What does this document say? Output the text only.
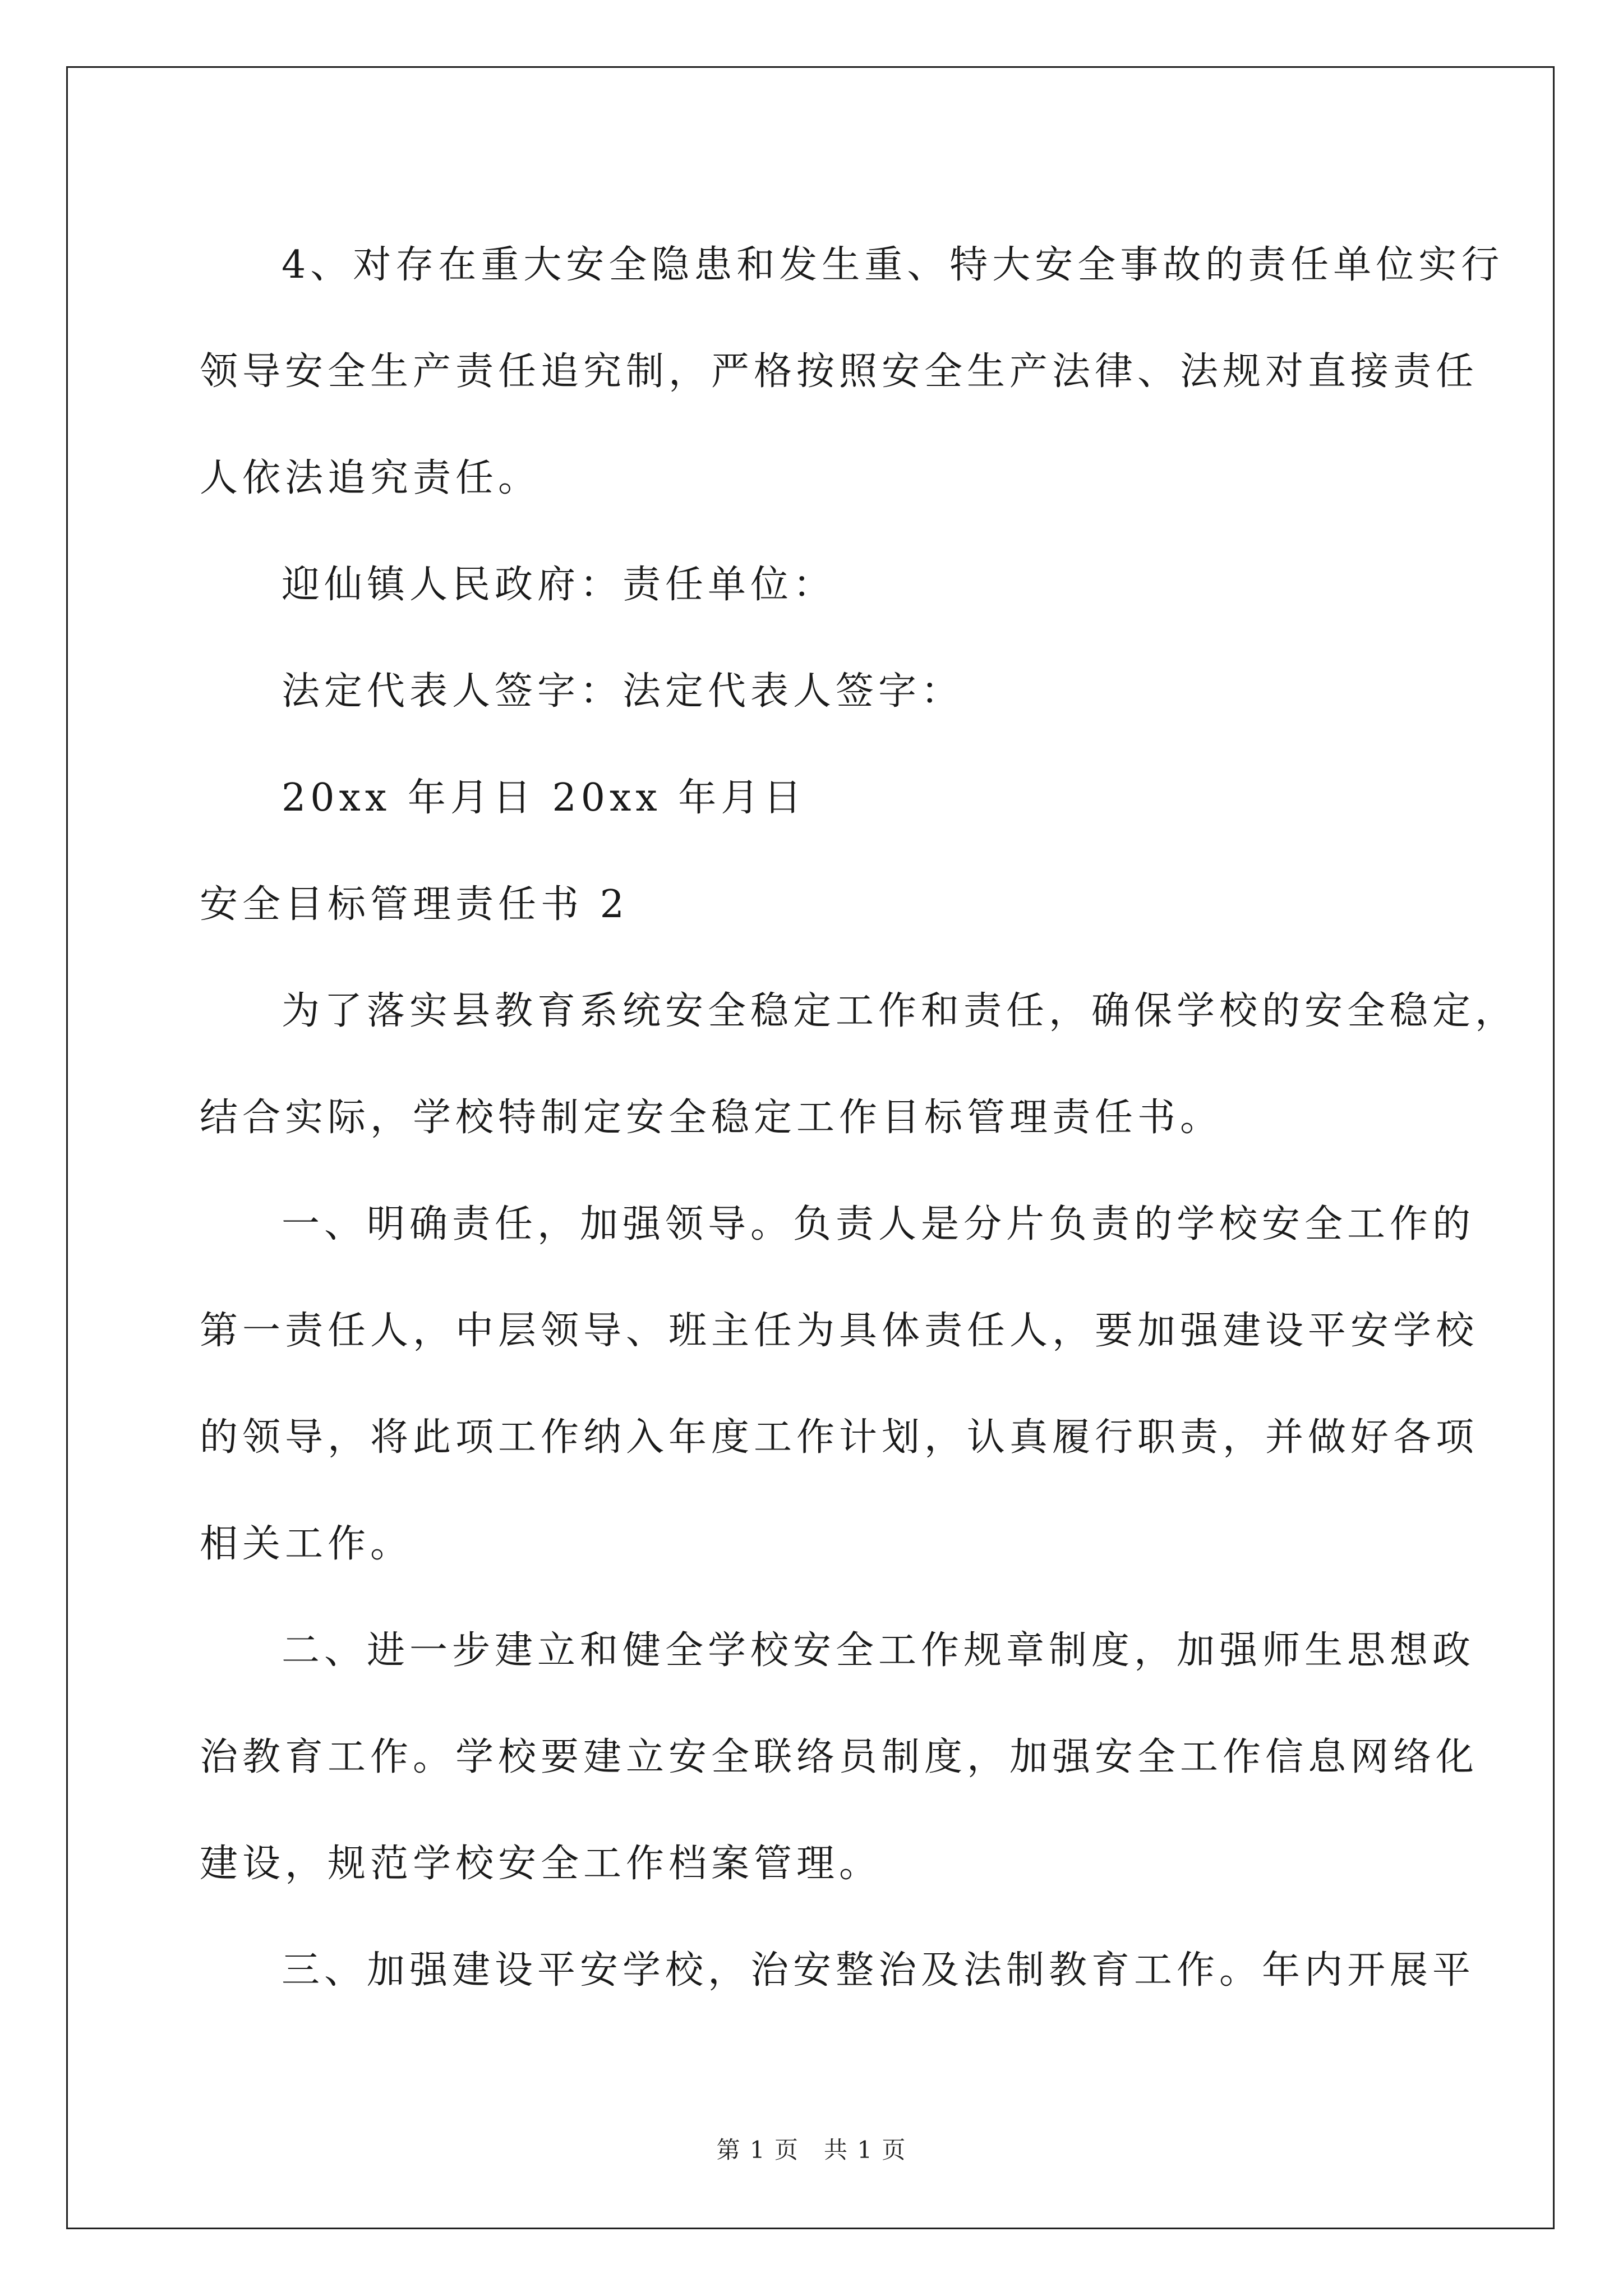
4、对存在重大安全隐患和发生重、特大安全事故的责任单位实行

领导安全生产责任追究制，严格按照安全生产法律、法规对直接责任

人依法追究责任。

迎仙镇人民政府：责任单位：

法定代表人签字：法定代表人签字：

20xx 年月日 20xx 年月日

安全目标管理责任书 2

为了落实县教育系统安全稳定工作和责任，确保学校的安全稳定，

结合实际，学校特制定安全稳定工作目标管理责任书。

一、明确责任，加强领导。负责人是分片负责的学校安全工作的

第一责任人，中层领导、班主任为具体责任人，要加强建设平安学校

的领导，将此项工作纳入年度工作计划，认真履行职责，并做好各项

相关工作。

二、进一步建立和健全学校安全工作规章制度，加强师生思想政

治教育工作。学校要建立安全联络员制度，加强安全工作信息网络化

建设，规范学校安全工作档案管理。

三、加强建设平安学校，治安整治及法制教育工作。年内开展平

第 1 页　共 1 页
